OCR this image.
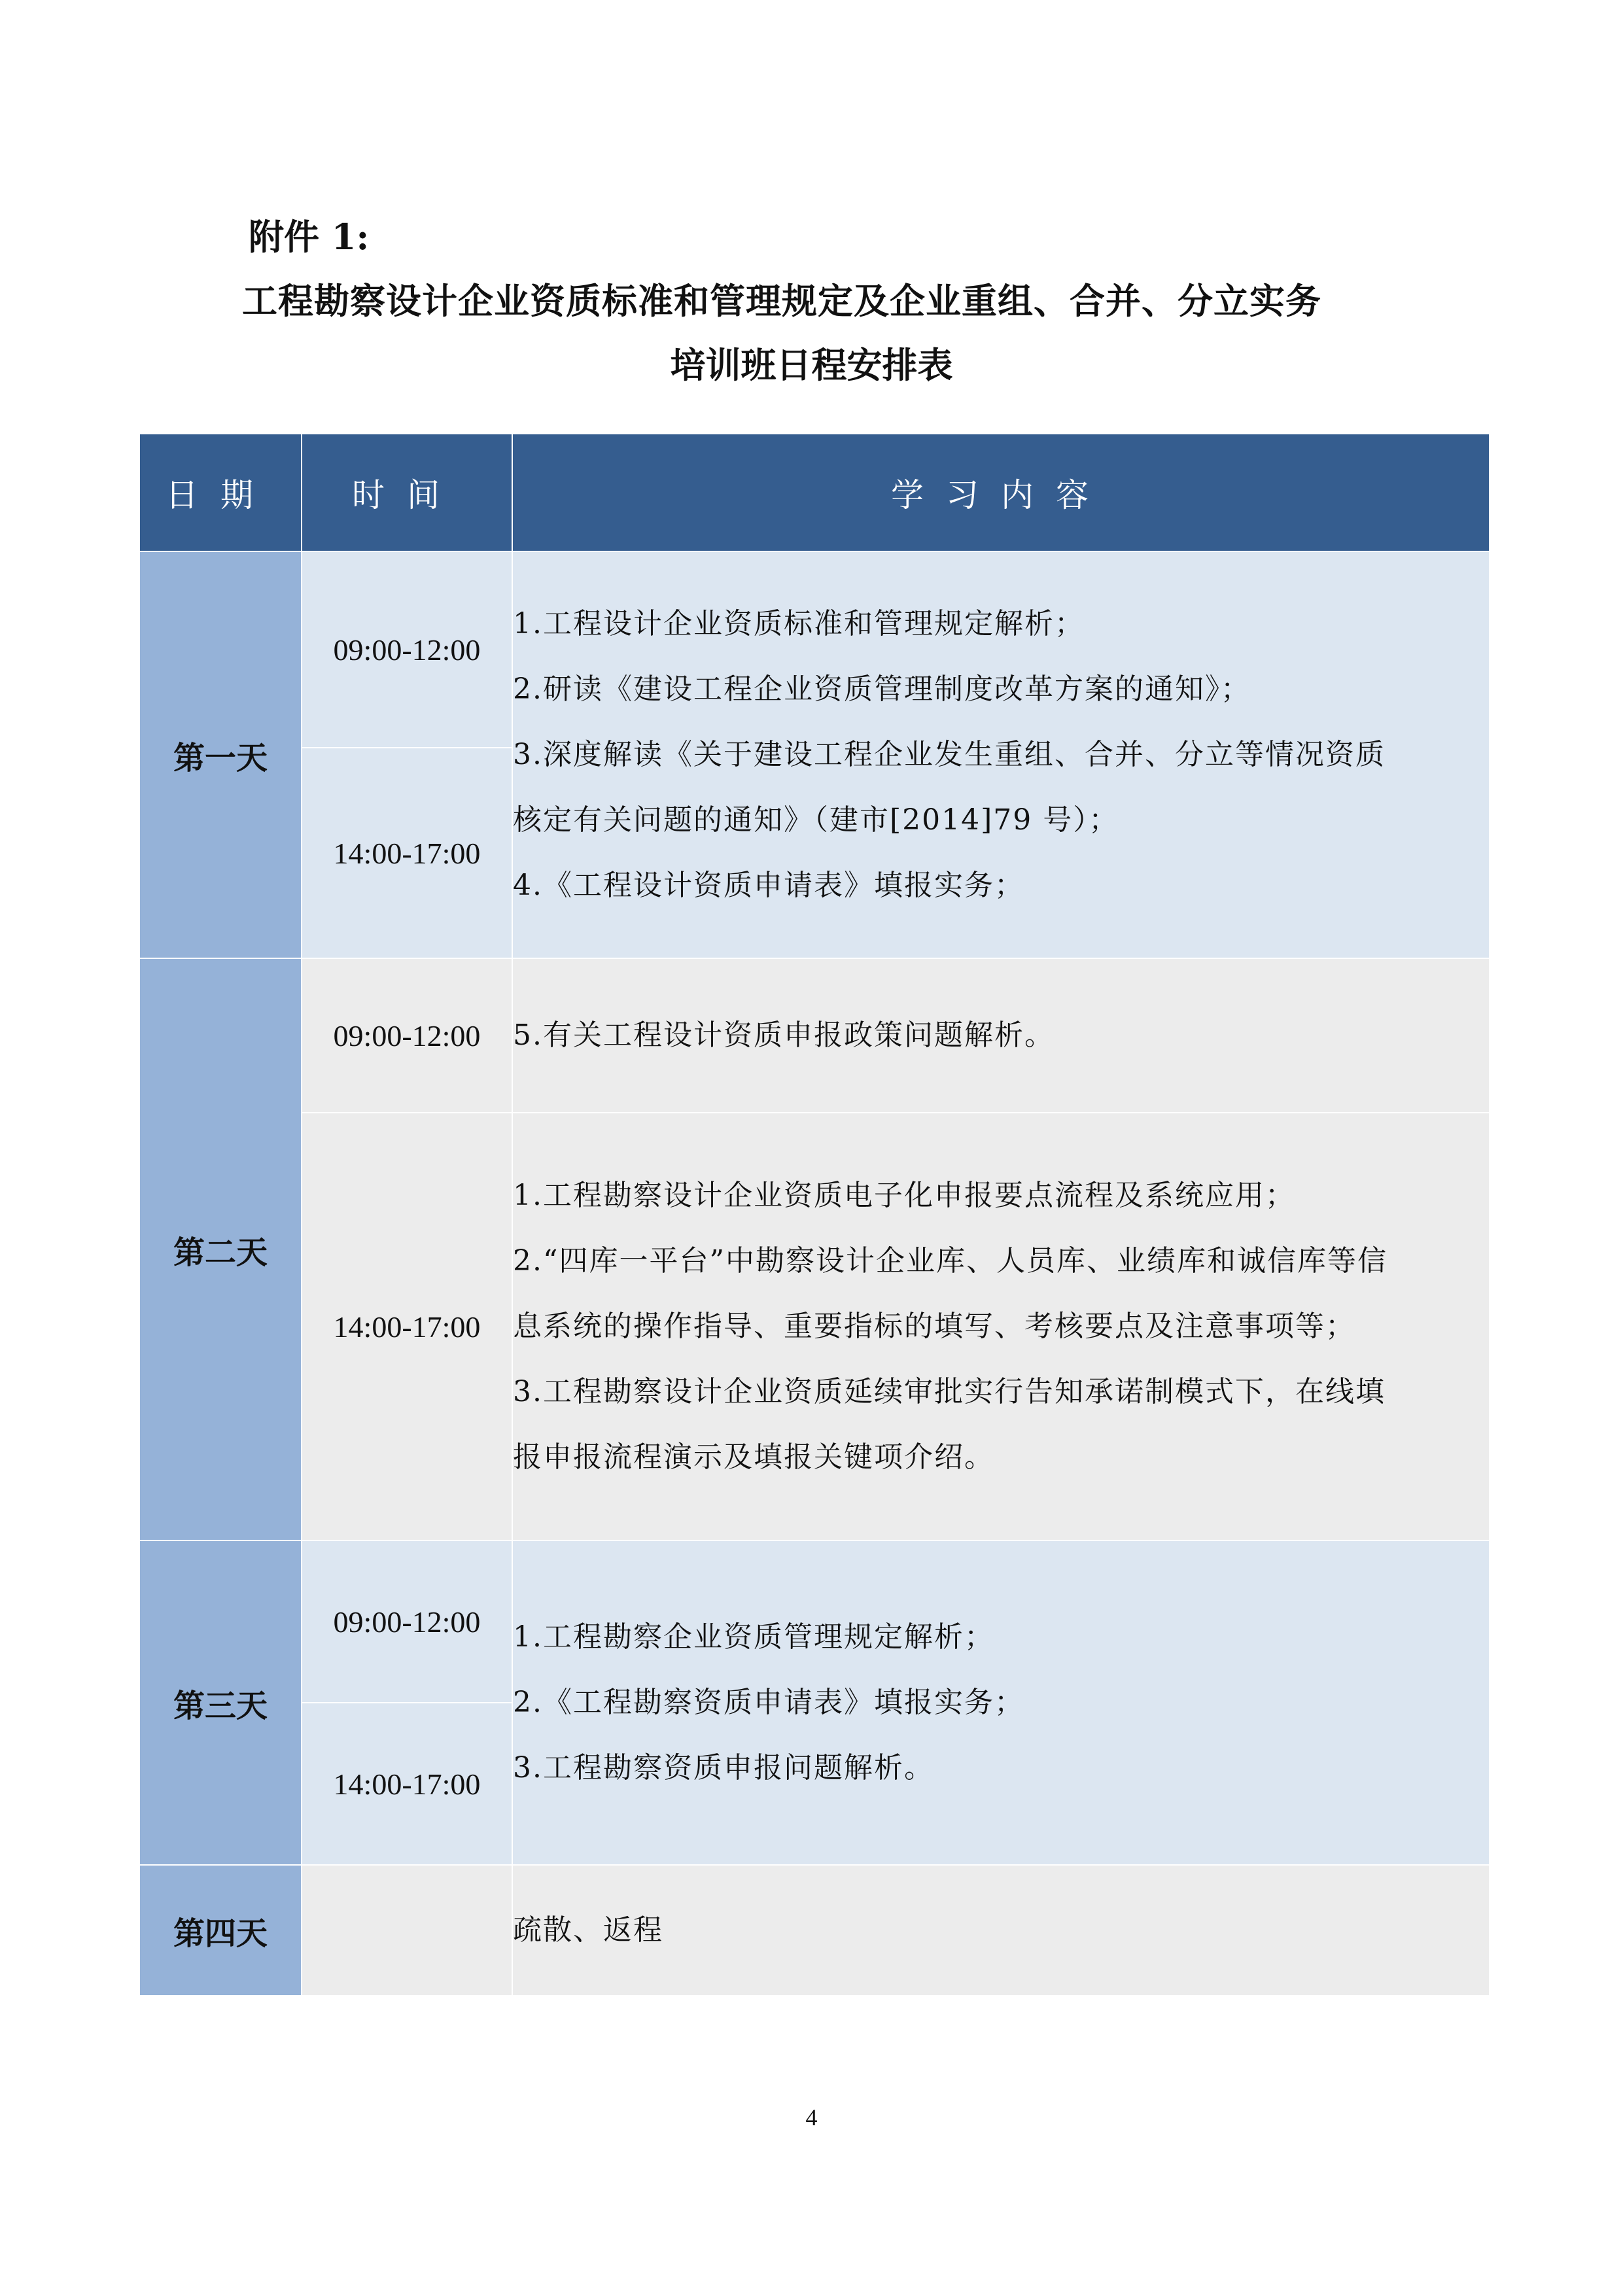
附件 1:
工程勘察设计企业资质标准和管理规定及企业重组、合并、分立实务
培训班日程安排表
日期	时间	学习内容
第一天	09:00-12:00	1.工程设计企业资质标准和管理规定解析；
2.研读《建设工程企业资质管理制度改革方案的通知》；
3.深度解读《关于建设工程企业发生重组、合并、分立等情况资质
核定有关问题的通知》（建市[2014]79 号）；
4.《工程设计资质申请表》填报实务；

	14:00-17:00	
第二天	09:00-12:00	5.有关工程设计资质申报政策问题解析。

	14:00-17:00	1.工程勘察设计企业资质电子化申报要点流程及系统应用；
2.“四库一平台”中勘察设计企业库、人员库、业绩库和诚信库等信
息系统的操作指导、重要指标的填写、考核要点及注意事项等；
3.工程勘察设计企业资质延续审批实行告知承诺制模式下，在线填
报申报流程演示及填报关键项介绍。

第三天	09:00-12:00	1.工程勘察企业资质管理规定解析；
2.《工程勘察资质申请表》填报实务；
3.工程勘察资质申报问题解析。

	14:00-17:00	
第四天		疏散、返程
4
